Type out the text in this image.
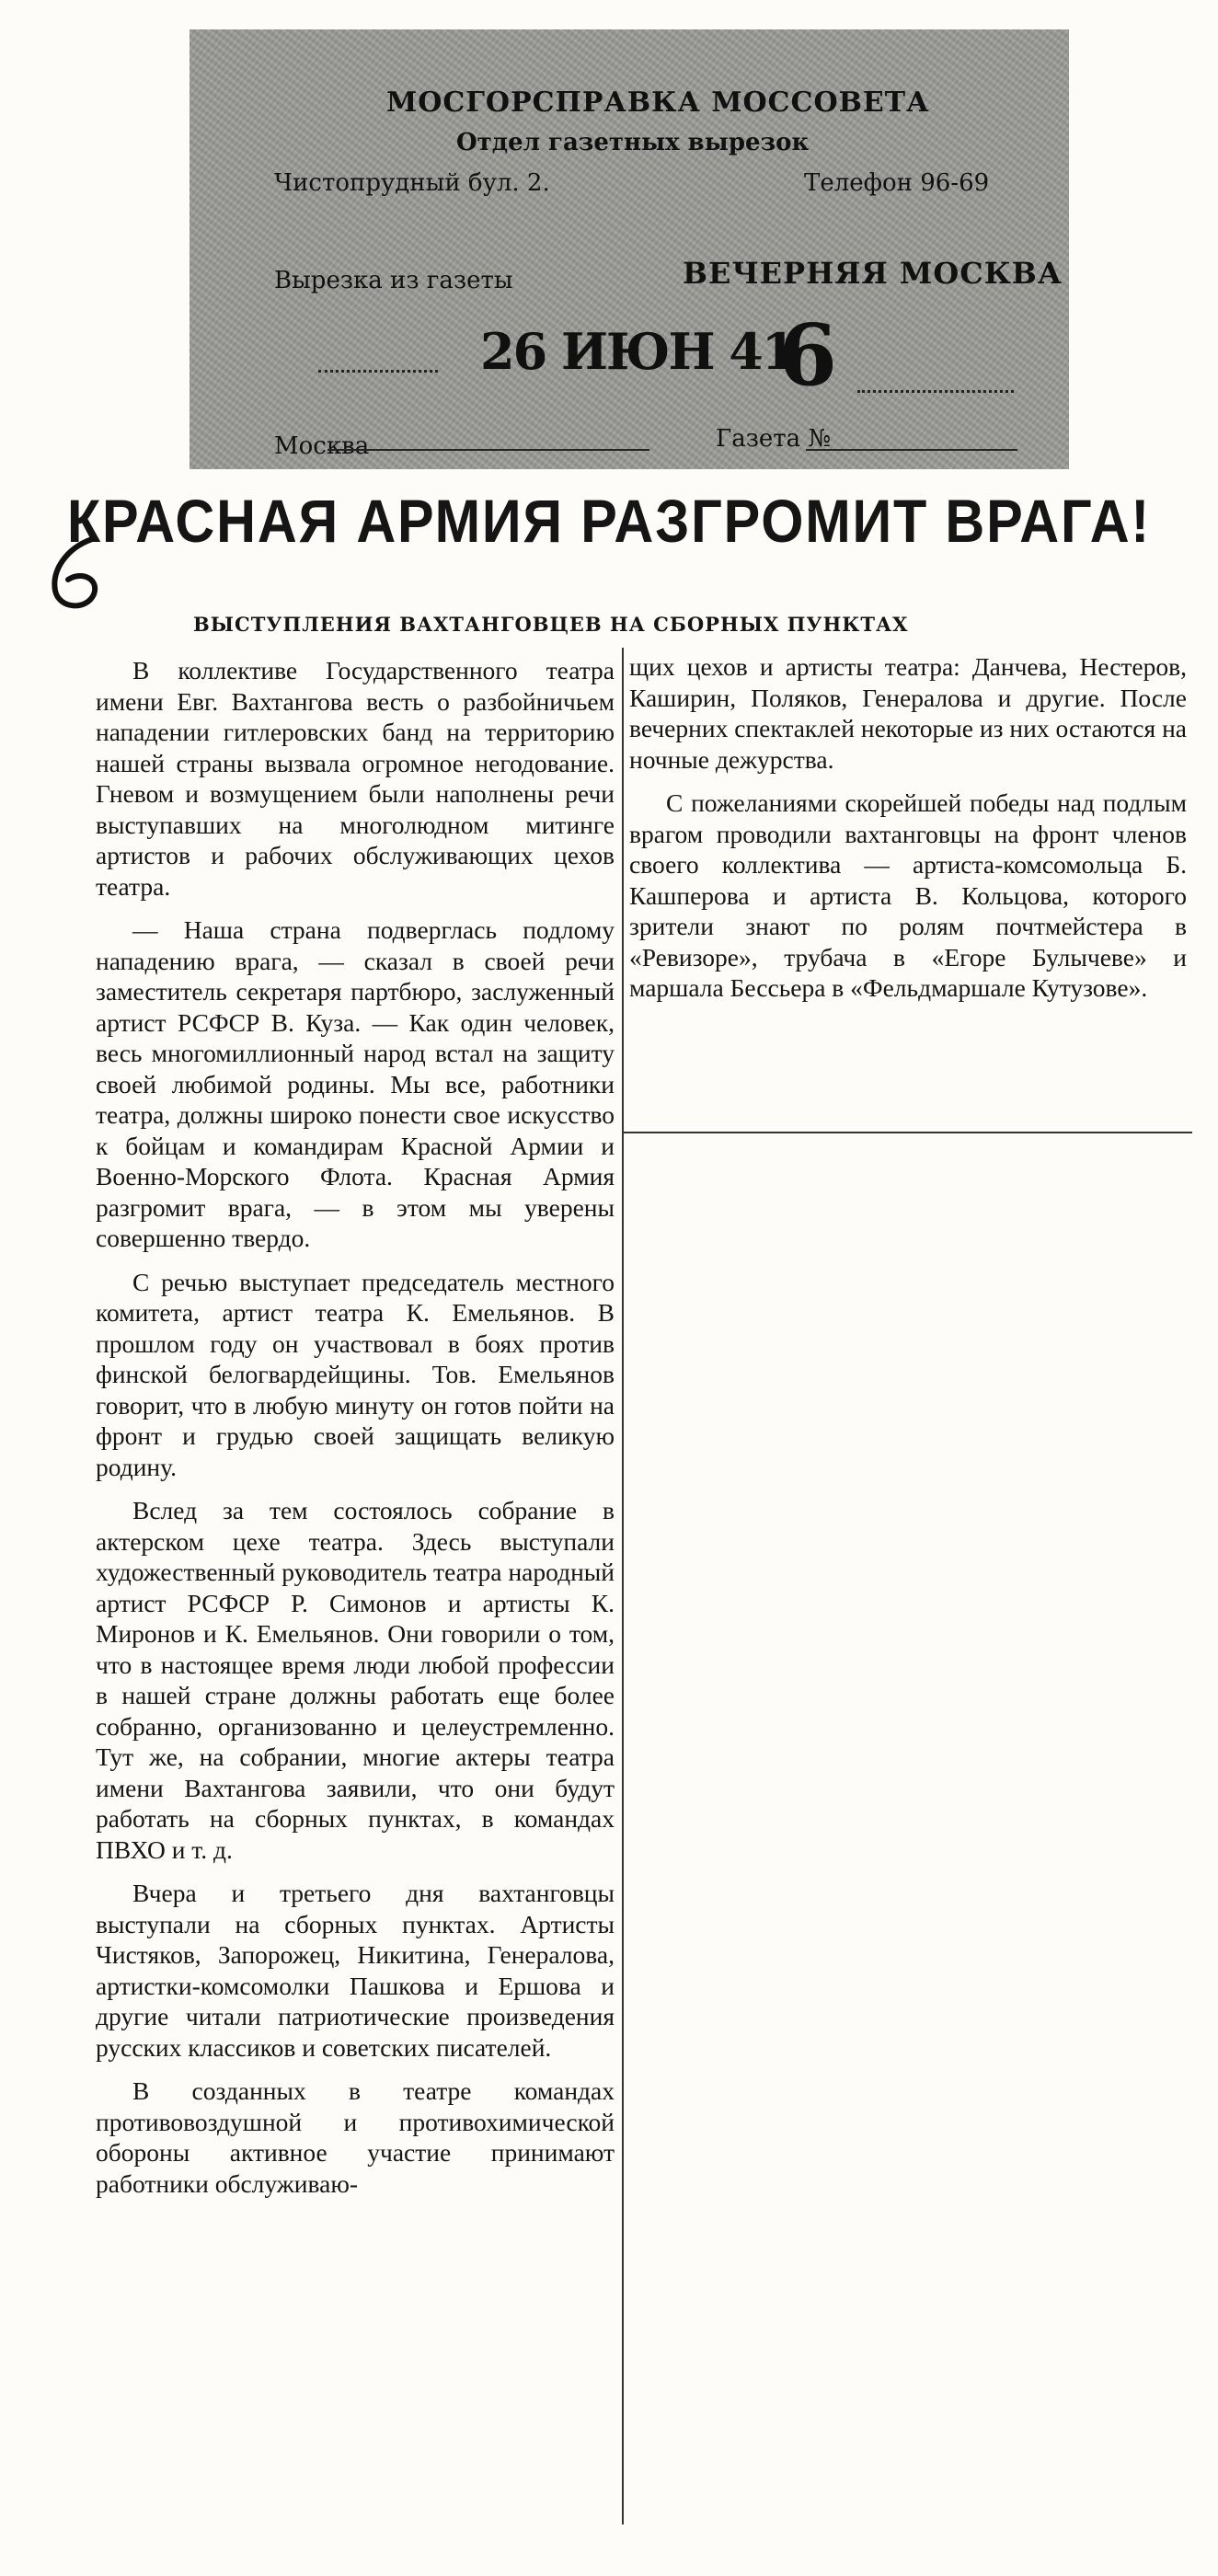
МОСГОРСПРАВКА МОССОВЕТА
Отдел газетных вырезок
Чистопрудный бул. 2.	Телефон 96-69
Вырезка из газеты	ВЕЧЕРНЯЯ МОСКВА
26 ИЮН 41
6
Москва	Газета №
КРАСНАЯ АРМИЯ РАЗГРОМИТ ВРАГА!
ВЫСТУПЛЕНИЯ ВАХТАНГОВЦЕВ НА СБОРНЫХ ПУНКТАХ

В коллективе Государственного театра имени Евг. Вахтангова весть о разбойничьем нападении гитлеровских банд на территорию нашей страны вызвала огромное негодование. Гневом и возмущением были наполнены речи выступавших на многолюдном митинге артистов и рабочих обслуживающих цехов театра.

— Наша страна подверглась подлому нападению врага, — сказал в своей речи заместитель секретаря партбюро, заслуженный артист РСФСР В. Куза. — Как один человек, весь многомиллионный народ встал на защиту своей любимой родины. Мы все, работники театра, должны широко понести свое искусство к бойцам и командирам Красной Армии и Военно-Морского Флота. Красная Армия разгромит врага, — в этом мы уверены совершенно твердо.

С речью выступает председатель местного комитета, артист театра К. Емельянов. В прошлом году он участвовал в боях против финской белогвардейщины. Тов. Емельянов говорит, что в любую минуту он готов пойти на фронт и грудью своей защищать великую родину.

Вслед за тем состоялось собрание в актерском цехе театра. Здесь выступали художественный руководитель театра народный артист РСФСР Р. Симонов и артисты К. Миронов и К. Емельянов. Они говорили о том, что в настоящее время люди любой профессии в нашей стране должны работать еще более собранно, организованно и целеустремленно. Тут же, на собрании, многие актеры театра имени Вахтангова заявили, что они будут работать на сборных пунктах, в командах ПВХО и т. д.

Вчера и третьего дня вахтанговцы выступали на сборных пунктах. Артисты Чистяков, Запорожец, Никитина, Генералова, артистки-комсомолки Пашкова и Ершова и другие читали патриотические произведения русских классиков и советских писателей.

В созданных в театре командах противовоздушной и противохимической обороны активное участие принимают работники обслуживаю-

щих цехов и артисты театра: Данчева, Нестеров, Каширин, Поляков, Генералова и другие. После вечерних спектаклей некоторые из них остаются на ночные дежурства.

С пожеланиями скорейшей победы над подлым врагом проводили вахтанговцы на фронт членов своего коллектива — артиста-комсомольца Б. Кашперова и артиста В. Кольцова, которого зрители знают по ролям почтмейстера в «Ревизоре», трубача в «Егоре Булычеве» и маршала Бессьера в «Фельдмаршале Кутузове».
